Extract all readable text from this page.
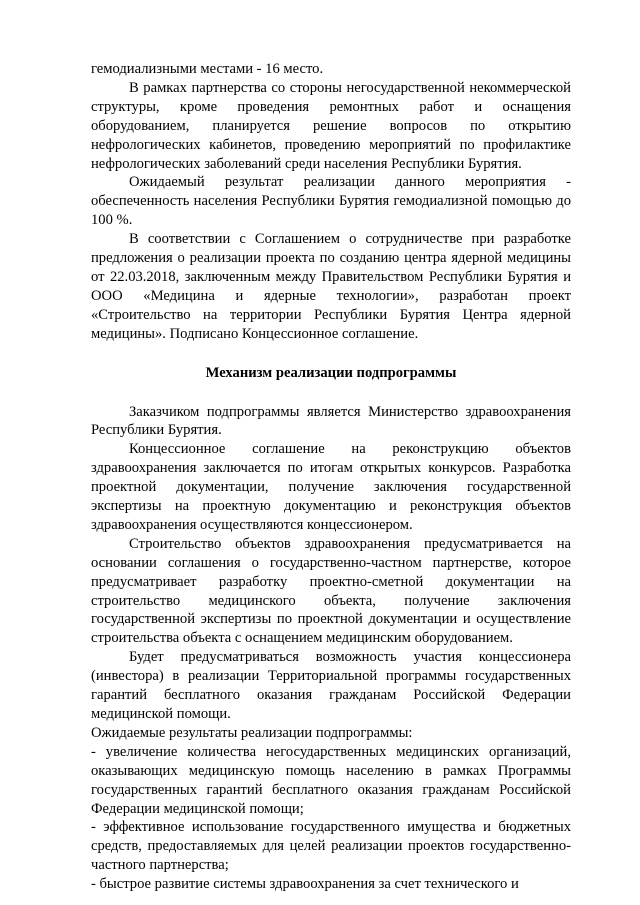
гемодиализными местами - 16 место.

В рамках партнерства со стороны негосударственной некоммерческой структуры, кроме проведения ремонтных работ и оснащения оборудованием, планируется решение вопросов по открытию нефрологических кабинетов, проведению мероприятий по профилактике нефрологических заболеваний среди населения Республики Бурятия.

Ожидаемый результат реализации данного мероприятия - обеспеченность населения Республики Бурятия гемодиализной помощью до 100 %.

В соответствии с Соглашением о сотрудничестве при разработке предложения о реализации проекта по созданию центра ядерной медицины от 22.03.2018, заключенным между Правительством Республики Бурятия и ООО «Медицина и ядерные технологии», разработан проект «Строительство на территории Республики Бурятия Центра ядерной медицины». Подписано Концессионное соглашение.

Механизм реализации подпрограммы

Заказчиком подпрограммы является Министерство здравоохранения Республики Бурятия.

Концессионное соглашение на реконструкцию объектов здравоохранения заключается по итогам открытых конкурсов. Разработка проектной документации, получение заключения государственной экспертизы на проектную документацию и реконструкция объектов здравоохранения осуществляются концессионером.

Строительство объектов здравоохранения предусматривается на основании соглашения о государственно-частном партнерстве, которое предусматривает разработку проектно-сметной документации на строительство медицинского объекта, получение заключения государственной экспертизы по проектной документации и осуществление строительства объекта с оснащением медицинским оборудованием.

Будет предусматриваться возможность участия концессионера (инвестора) в реализации Территориальной программы государственных гарантий бесплатного оказания гражданам Российской Федерации медицинской помощи.

Ожидаемые результаты реализации подпрограммы:

- увеличение количества негосударственных медицинских организаций, оказывающих медицинскую помощь населению в рамках Программы государственных гарантий бесплатного оказания гражданам Российской Федерации медицинской помощи;

- эффективное использование государственного имущества и бюджетных средств, предоставляемых для целей реализации проектов государственно-частного партнерства;

- быстрое развитие системы здравоохранения за счет технического и
